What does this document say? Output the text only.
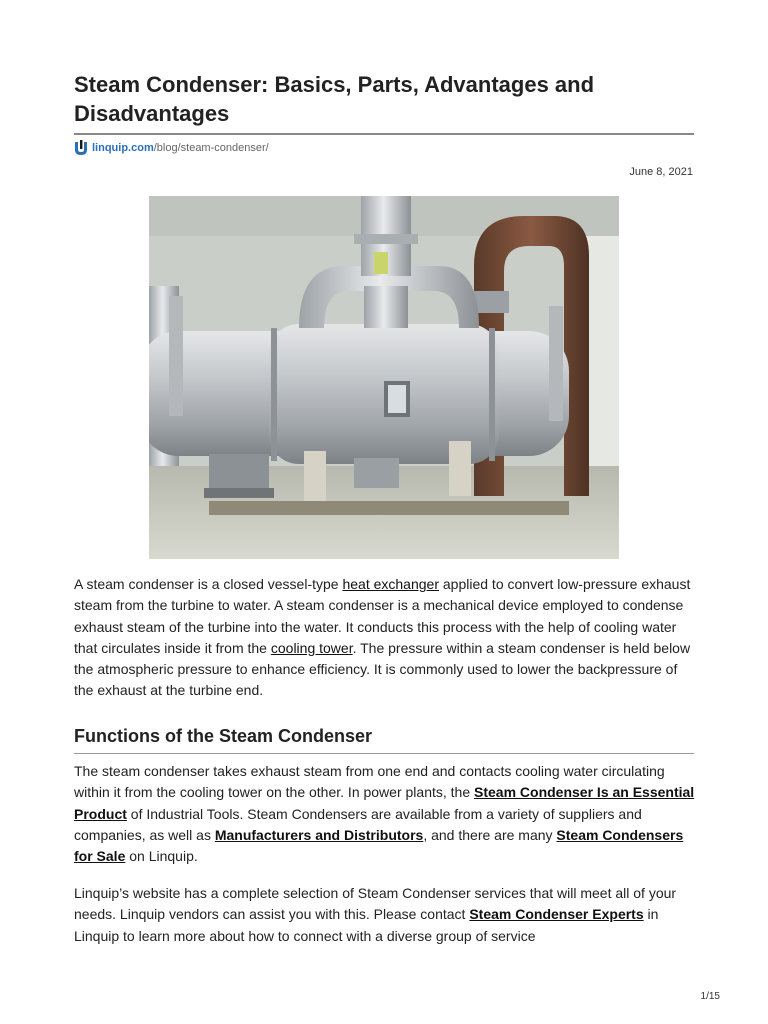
Steam Condenser: Basics, Parts, Advantages and Disadvantages
linquip.com /blog/steam-condenser/
June 8, 2021

A steam condenser is a closed vessel-type heat exchanger applied to convert low-pressure exhaust steam from the turbine to water. A steam condenser is a mechanical device employed to condense exhaust steam of the turbine into the water. It conducts this process with the help of cooling water that circulates inside it from the cooling tower. The pressure within a steam condenser is held below the atmospheric pressure to enhance efficiency. It is commonly used to lower the backpressure of the exhaust at the turbine end.

Functions of the Steam Condenser

The steam condenser takes exhaust steam from one end and contacts cooling water circulating within it from the cooling tower on the other. In power plants, the Steam Condenser Is an Essential Product of Industrial Tools. Steam Condensers are available from a variety of suppliers and companies, as well as Manufacturers and Distributors, and there are many Steam Condensers for Sale on Linquip.

Linquip’s website has a complete selection of Steam Condenser services that will meet all of your needs. Linquip vendors can assist you with this. Please contact Steam Condenser Experts in Linquip to learn more about how to connect with a diverse group of service

1/15
